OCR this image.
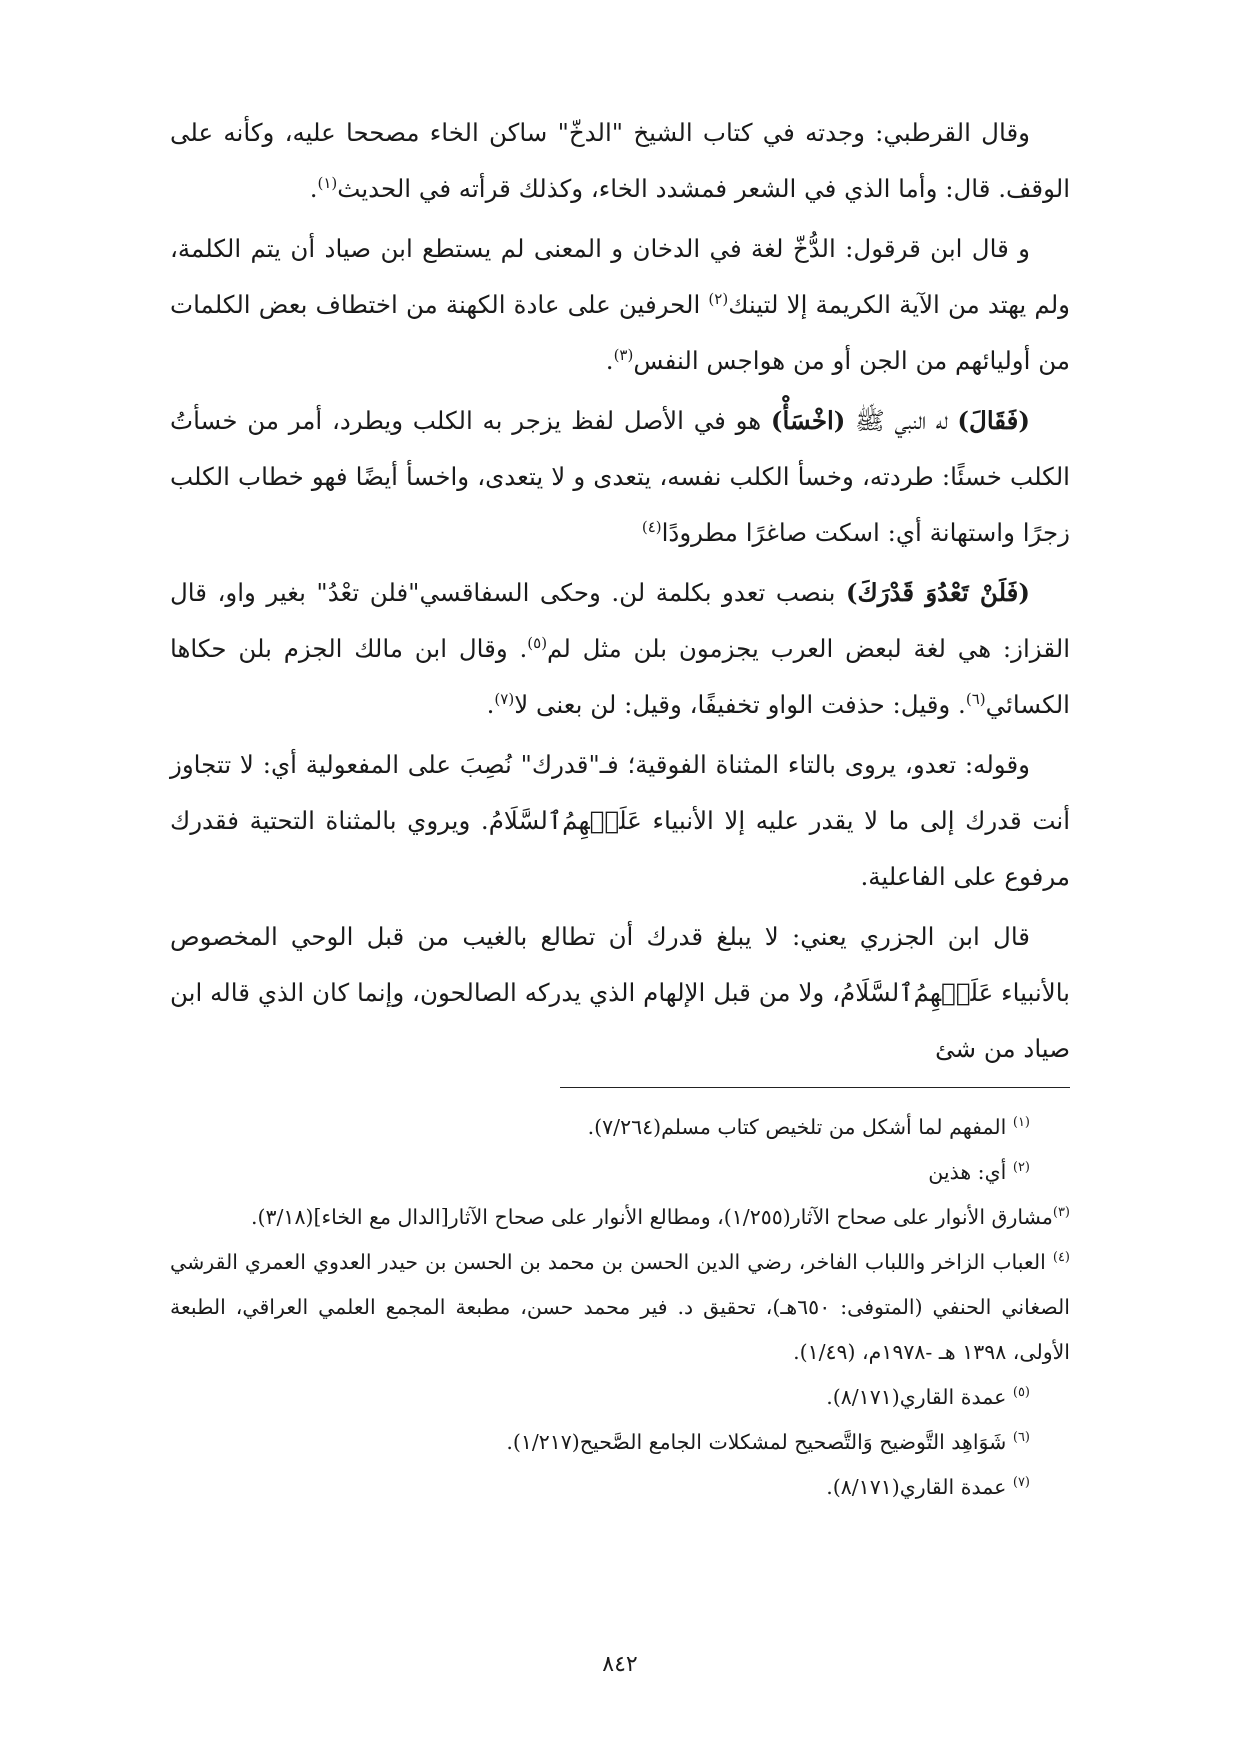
وقال القرطبي: وجدته في كتاب الشيخ "الدخّ" ساكن الخاء مصححا عليه، وكأنه على الوقف. قال: وأما الذي في الشعر فمشدد الخاء، وكذلك قرأته في الحديث$^{(١)}$.

و قال ابن قرقول: الدُّخّ لغة في الدخان و المعنى لم يستطع ابن صياد أن يتم الكلمة، ولم يهتد من الآية الكريمة إلا لتينك$^{(٢)}$ الحرفين على عادة الكهنة من اختطاف بعض الكلمات من أوليائهم من الجن أو من هواجس النفس$^{(٣)}$.

(فَقَالَ) له النبي ﷺ (اخْسَأْ) هو في الأصل لفظ يزجر به الكلب ويطرد، أمر من خسأتُ الكلب خسئًا: طردته، وخسأ الكلب نفسه، يتعدى و لا يتعدى، واخسأ أيضًا فهو خطاب الكلب زجرًا واستهانة أي: اسكت صاغرًا مطرودًا$^{(٤)}$

(فَلَنْ تَعْدُوَ قَدْرَكَ) بنصب تعدو بكلمة لن. وحكى السفاقسي"فلن تعْدُ" بغير واو، قال القزاز: هي لغة لبعض العرب يجزمون بلن مثل لم$^{(٥)}$. وقال ابن مالك الجزم بلن حكاها الكسائي$^{(٦)}$. وقيل: حذفت الواو تخفيفًا، وقيل: لن بعنى لا$^{(٧)}$.

وقوله: تعدو، يروى بالتاء المثناة الفوقية؛ فـ"قدرك" نُصِبَ على المفعولية أي: لا تتجاوز أنت قدرك إلى ما لا يقدر عليه إلا الأنبياء عَلَيۡهِمُ‌ٱلسَّلَامُ. ويروي بالمثناة التحتية فقدرك مرفوع على الفاعلية.

قال ابن الجزري يعني: لا يبلغ قدرك أن تطالع بالغيب من قبل الوحي المخصوص بالأنبياء عَلَيۡهِمُ‌ٱلسَّلَامُ، ولا من قبل الإلهام الذي يدركه الصالحون، وإنما كان الذي قاله ابن صياد من شئ

$^{(١)}$ المفهم لما أشكل من تلخيص كتاب مسلم(٧/٢٦٤).

$^{(٢)}$ أي: هذين

$^{(٣)}$مشارق الأنوار على صحاح الآثار(١/٢٥٥)، ومطالع الأنوار على صحاح الآثار[الدال مع الخاء](٣/١٨).

$^{(٤)}$ العباب الزاخر واللباب الفاخر، رضي الدين الحسن بن محمد بن الحسن بن حيدر العدوي العمري القرشي الصغاني الحنفي (المتوفى: ٦٥٠هـ)، تحقيق د. فير محمد حسن، مطبعة المجمع العلمي العراقي، الطبعة الأولى، ١٣٩٨ هـ -١٩٧٨م، (١/٤٩).

$^{(٥)}$ عمدة القاري(٨/١٧١).

$^{(٦)}$ شَوَاهِد التَّوضيح وَالتَّصحيح لمشكلات الجامع الصَّحيح(١/٢١٧).

$^{(٧)}$ عمدة القاري(٨/١٧١).

٨٤٢
